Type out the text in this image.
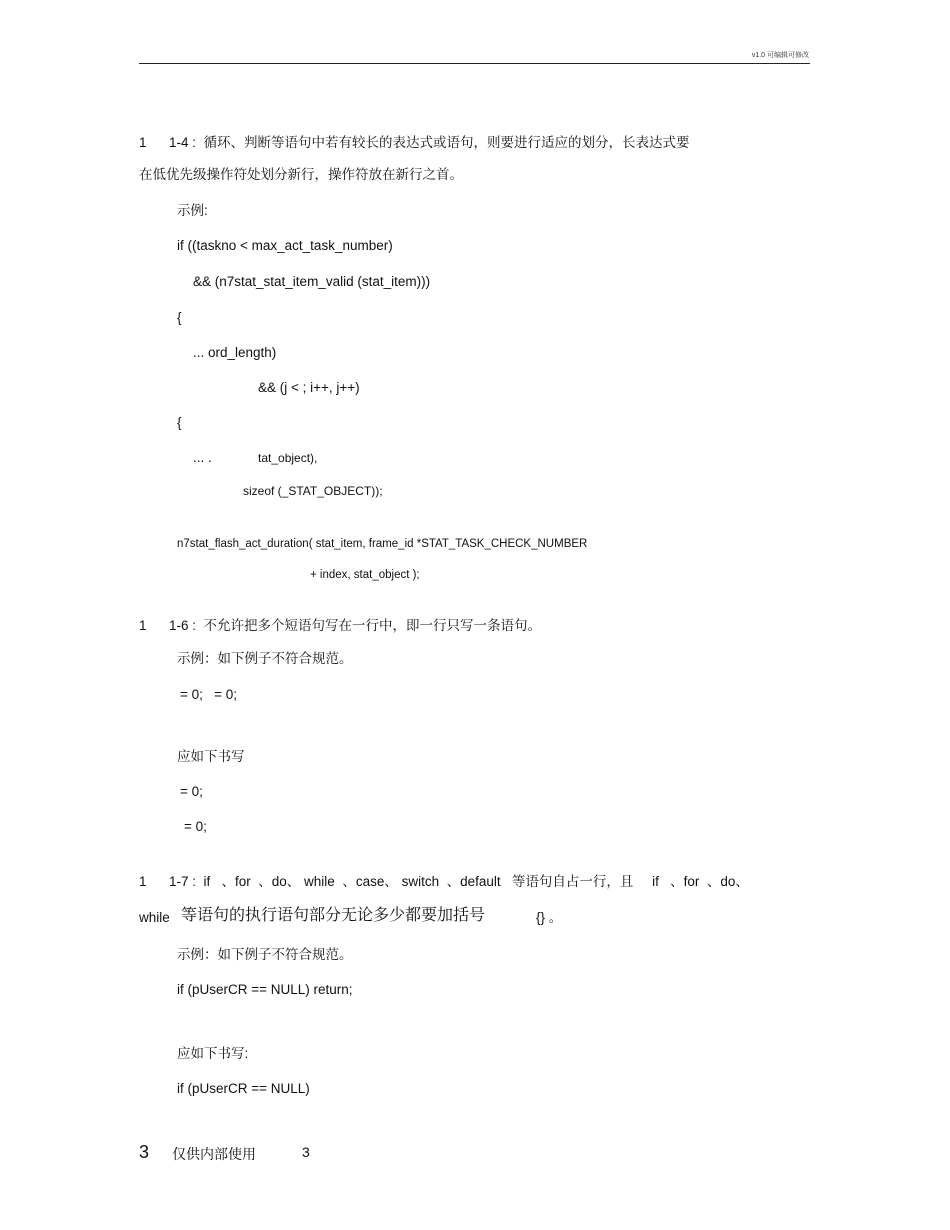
v1.0 可编辑可修改
1      1-4 :  循环、判断等语句中若有较长的表达式或语句，则要进行适应的划分，长表达式要
在低优先级操作符处划分新行，操作符放在新行之首。
示例:
if ((taskno < max_act_task_number)
&& (n7stat_stat_item_valid (stat_item)))
{
... ord_length)
&& (j < ; i++, j++)
{
... .	tat_object),
sizeof (_STAT_OBJECT));
n7stat_flash_act_duration( stat_item, frame_id *STAT_TASK_CHECK_NUMBER
+ index, stat_object );
1      1-6 :  不允许把多个短语句写在一行中，即一行只写一条语句。
示例：如下例子不符合规范。
= 0;   = 0;
应如下书写
= 0;
= 0;
1      1-7 :  if   、for  、do、 while  、case、 switch  、default   等语句自占一行，且     if   、for  、do、
while 等语句的执行语句部分无论多少都要加括号	{} 。
示例：如下例子不符合规范。
if (pUserCR == NULL) return;
应如下书写:
if (pUserCR == NULL)
3 仅供内部使用	3
